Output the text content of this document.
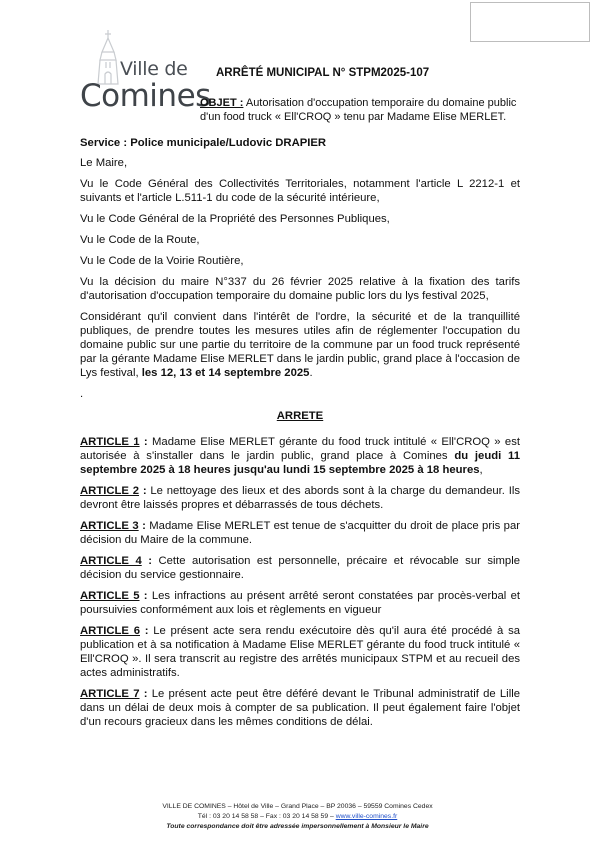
Ville de
Comines
ARRÊTÉ MUNICIPAL N° STPM2025-107
OBJET : Autorisation d'occupation temporaire du domaine public d'un food truck « Ell'CROQ » tenu par Madame Elise MERLET.

Service : Police municipale/Ludovic DRAPIER

Le Maire,

Vu le Code Général des Collectivités Territoriales, notamment l'article L 2212-1 et suivants et l'article L.511-1 du code de la sécurité intérieure,

Vu le Code Général de la Propriété des Personnes Publiques,

Vu le Code de la Route,

Vu le Code de la Voirie Routière,

Vu la décision du maire N°337 du 26 février 2025 relative à la fixation des tarifs d'autorisation d'occupation temporaire du domaine public lors du lys festival 2025,

Considérant qu'il convient dans l'intérêt de l'ordre, la sécurité et de la tranquillité publiques, de prendre toutes les mesures utiles afin de réglementer l'occupation du domaine public sur une partie du territoire de la commune par un food truck représenté par la gérante Madame Elise MERLET dans le jardin public, grand place à l'occasion de Lys festival, les 12, 13 et 14 septembre 2025.

.

ARRETE

ARTICLE 1 : Madame Elise MERLET gérante du food truck intitulé « Ell'CROQ » est autorisée à s'installer dans le jardin public, grand place à Comines du jeudi 11 septembre 2025 à 18 heures jusqu'au lundi 15 septembre 2025 à 18 heures,

ARTICLE 2 : Le nettoyage des lieux et des abords sont à la charge du demandeur. Ils devront être laissés propres et débarrassés de tous déchets.

ARTICLE 3 : Madame Elise MERLET est tenue de s'acquitter du droit de place pris par décision du Maire de la commune.

ARTICLE 4 : Cette autorisation est personnelle, précaire et révocable sur simple décision du service gestionnaire.

ARTICLE 5 : Les infractions au présent arrêté seront constatées par procès-verbal et poursuivies conformément aux lois et règlements en vigueur

ARTICLE 6 : Le présent acte sera rendu exécutoire dès qu'il aura été procédé à sa publication et à sa notification à Madame Elise MERLET gérante du food truck intitulé « Ell'CROQ ». Il sera transcrit au registre des arrêtés municipaux STPM et au recueil des actes administratifs.

ARTICLE 7 : Le présent acte peut être déféré devant le Tribunal administratif de Lille dans un délai de deux mois à compter de sa publication. Il peut également faire l'objet d'un recours gracieux dans les mêmes conditions de délai.

VILLE DE COMINES – Hôtel de Ville – Grand Place – BP 20036 – 59559 Comines Cedex
Tél : 03 20 14 58 58 – Fax : 03 20 14 58 59 – www.ville-comines.fr
Toute correspondance doit être adressée impersonnellement à Monsieur le Maire
